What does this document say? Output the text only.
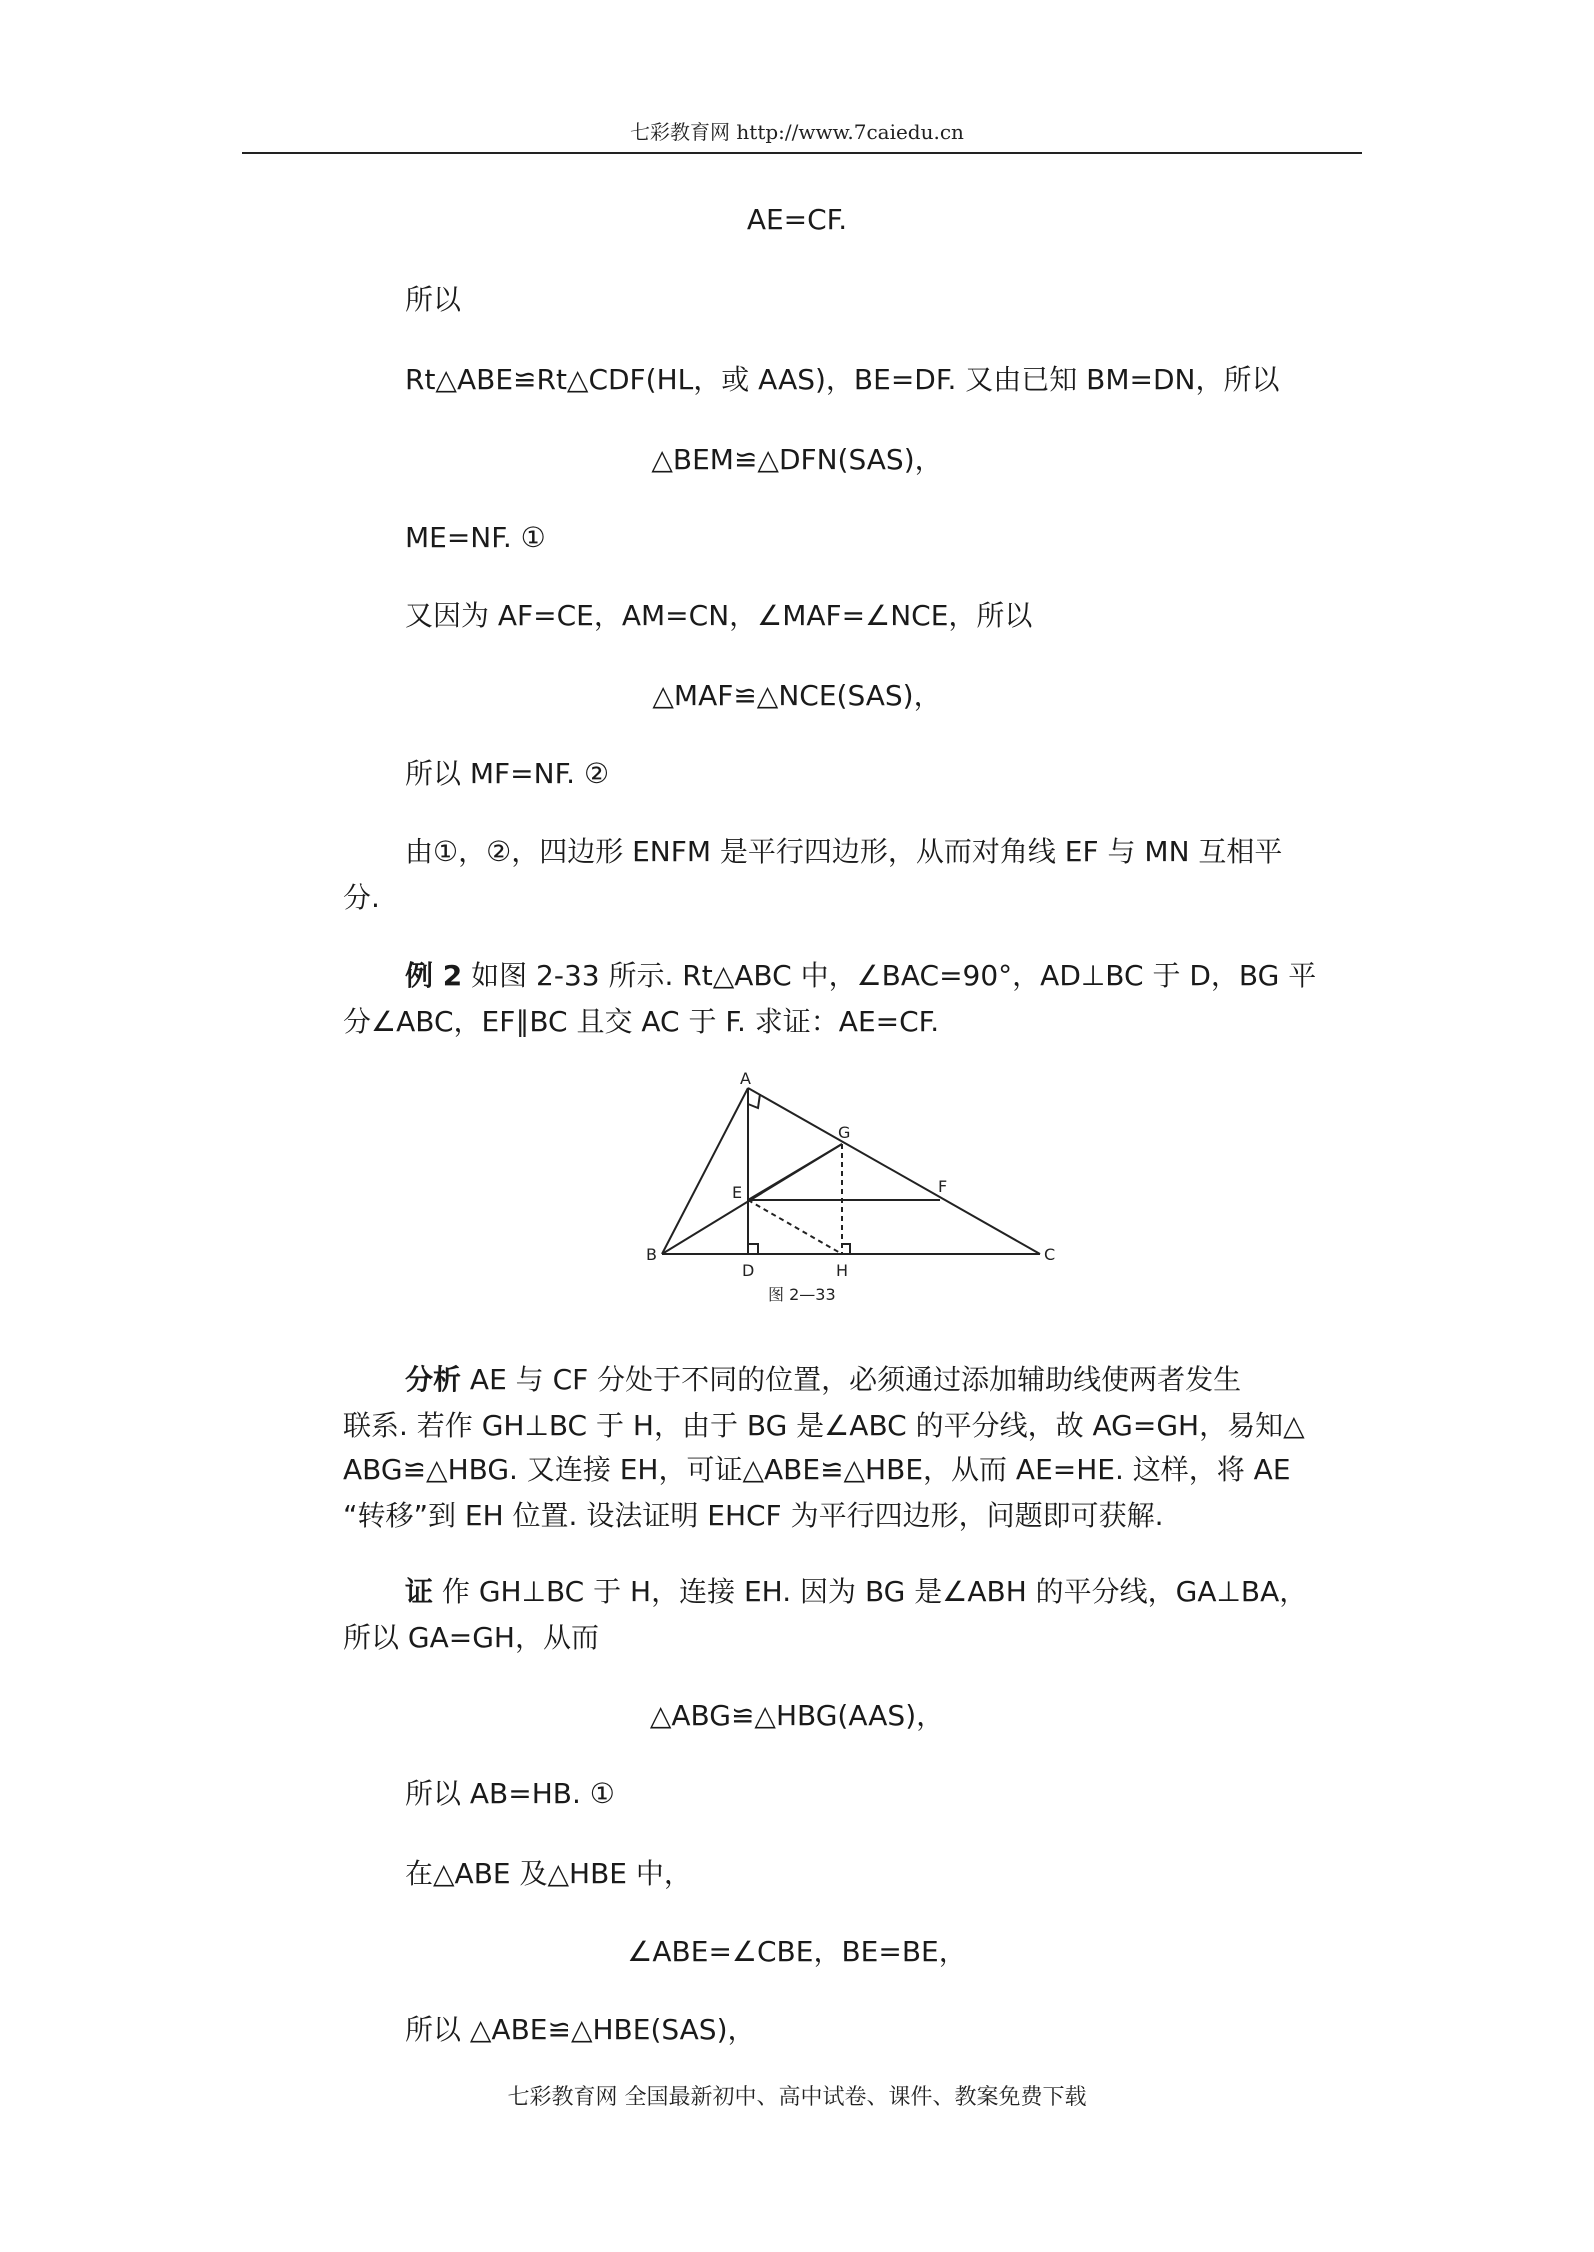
七彩教育网 http://www.7caiedu.cn
AE=CF.
所以
Rt△ABE≌Rt△CDF(HL，或 AAS)，BE=DF. 又由已知 BM=DN，所以
△BEM≌△DFN(SAS)，
ME=NF. ①
又因为 AF=CE，AM=CN，∠MAF=∠NCE，所以
△MAF≌△NCE(SAS)，
所以 MF=NF. ②
由①，②，四边形 ENFM 是平行四边形，从而对角线 EF 与 MN 互相平
分.
例 2 如图 2-33 所示. Rt△ABC 中，∠BAC=90°，AD⊥BC 于 D，BG 平
分∠ABC，EF∥BC 且交 AC 于 F. 求证：AE=CF.
A
B	C
D
E	F
G
H
图 2—33
分析 AE 与 CF 分处于不同的位置，必须通过添加辅助线使两者发生
联系. 若作 GH⊥BC 于 H，由于 BG 是∠ABC 的平分线，故 AG=GH，易知△
ABG≌△HBG. 又连接 EH，可证△ABE≌△HBE，从而 AE=HE. 这样，将 AE
“转移”到 EH 位置. 设法证明 EHCF 为平行四边形，问题即可获解.
证 作 GH⊥BC 于 H，连接 EH. 因为 BG 是∠ABH 的平分线，GA⊥BA，
所以 GA=GH，从而
△ABG≌△HBG(AAS)，
所以 AB=HB. ①
在△ABE 及△HBE 中，
∠ABE=∠CBE，BE=BE，
所以 △ABE≌△HBE(SAS)，
七彩教育网 全国最新初中、高中试卷、课件、教案免费下载
